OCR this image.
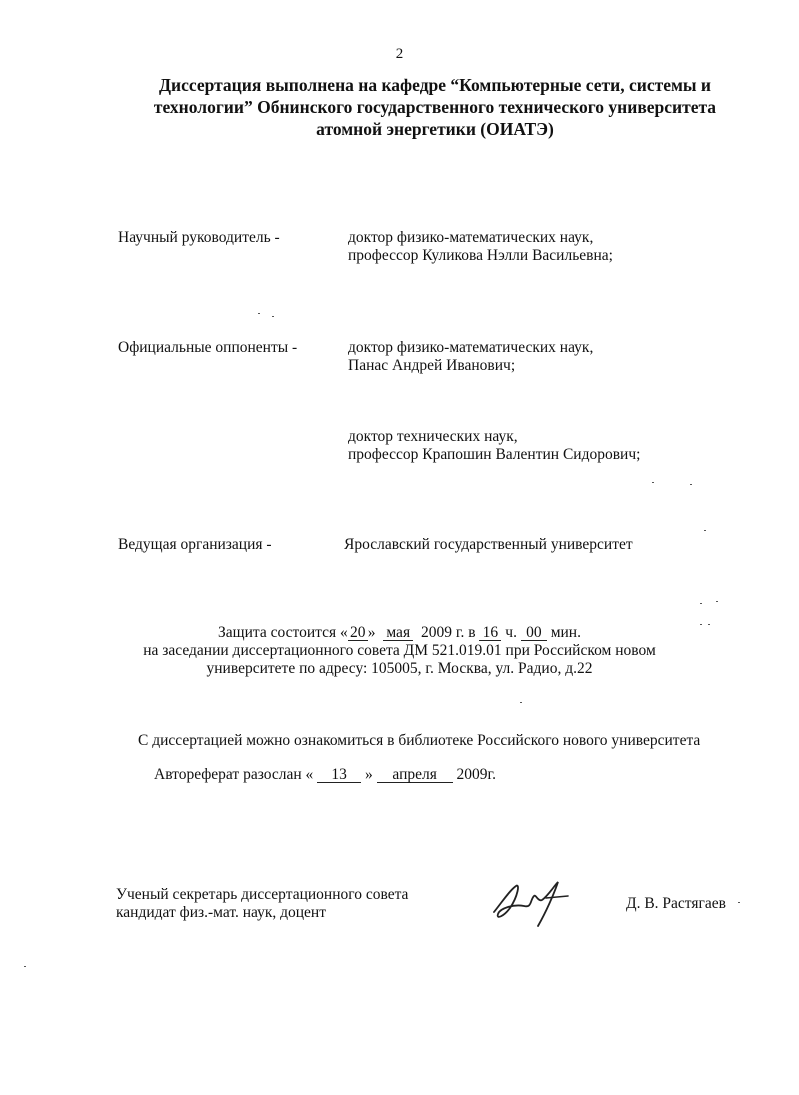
2
Диссертация выполнена на кафедре “Компьютерные сети, системы и
технологии” Обнинского государственного технического университета
атомной энергетики (ОИАТЭ)
Научный руководитель -	доктор физико-математических наук,
профессор Куликова Нэлли Васильевна;
Официальные оппоненты -	доктор физико-математических наук,
Панас Андрей Иванович;
доктор технических наук,
профессор Крапошин Валентин Сидорович;
Ведущая организация -	Ярославский государственный университет
Защита состоится « 20 » мая 2009 г. в 16 ч. 00 мин.
на заседании диссертационного совета ДМ 521.019.01 при Российском новом
университете по адресу: 105005, г. Москва, ул. Радио, д.22
С диссертацией можно ознакомиться в библиотеке Российского нового университета
Автореферат разослан « 13 » апреля 2009г.
Ученый секретарь диссертационного совета
кандидат физ.-мат. наук, доцент
Д. В. Растягаев
